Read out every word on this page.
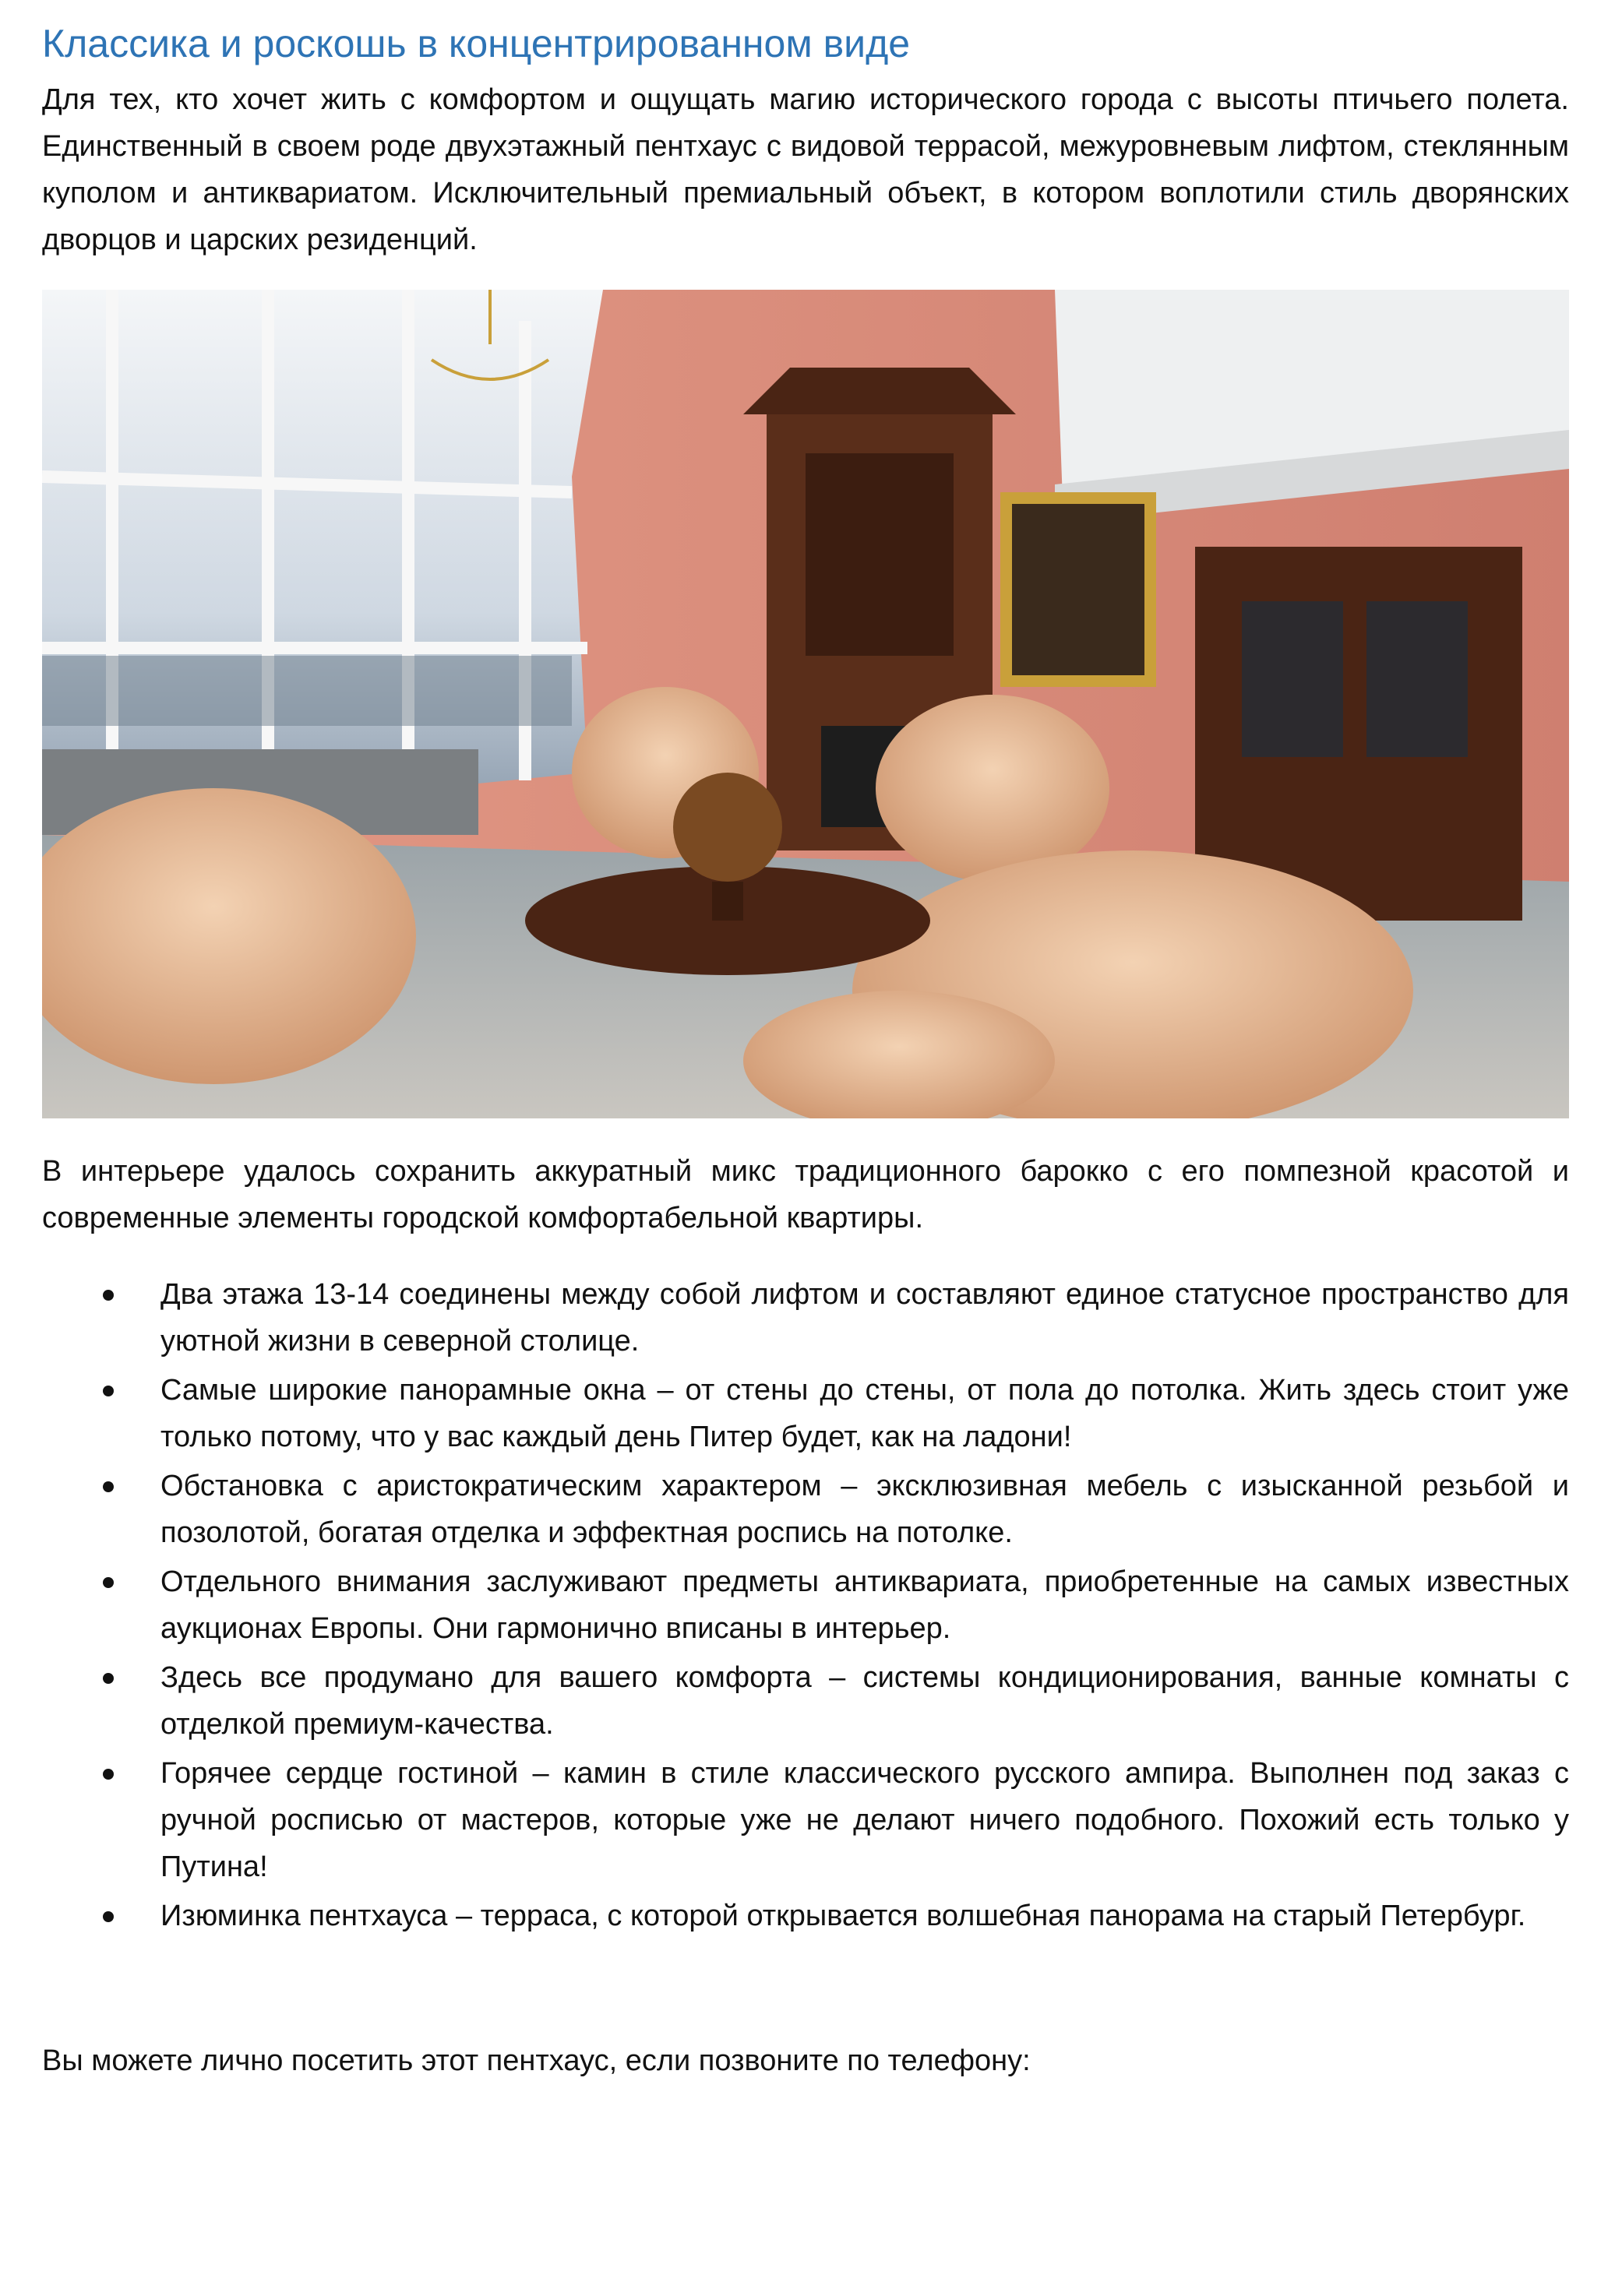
Классика и роскошь в концентрированном виде

Для тех, кто хочет жить с комфортом и ощущать магию исторического города с высоты птичьего полета. Единственный в своем роде двухэтажный пентхаус с видовой террасой, межуровневым лифтом, стеклянным куполом и антиквариатом. Исключительный премиальный объект, в котором воплотили стиль дворянских дворцов и царских резиденций.

В интерьере удалось сохранить аккуратный микс традиционного барокко с его помпезной красотой и современные элементы городской комфортабельной квартиры.

Два этажа 13-14 соединены между собой лифтом и составляют единое статусное пространство для уютной жизни в северной столице.
Самые широкие панорамные окна – от стены до стены, от пола до потолка. Жить здесь стоит уже только потому, что у вас каждый день Питер будет, как на ладони!
Обстановка с аристократическим характером – эксклюзивная мебель с изысканной резьбой и позолотой, богатая отделка и эффектная роспись на потолке.
Отдельного внимания заслуживают предметы антиквариата, приобретенные на самых известных аукционах Европы. Они гармонично вписаны в интерьер.
Здесь все продумано для вашего комфорта – системы кондиционирования, ванные комнаты с отделкой премиум-качества.
Горячее сердце гостиной – камин в стиле классического русского ампира. Выполнен под заказ с ручной росписью от мастеров, которые уже не делают ничего подобного. Похожий есть только у Путина!
Изюминка пентхауса – терраса, с которой открывается волшебная панорама на старый Петербург.

Вы можете лично посетить этот пентхаус, если позвоните по телефону:
